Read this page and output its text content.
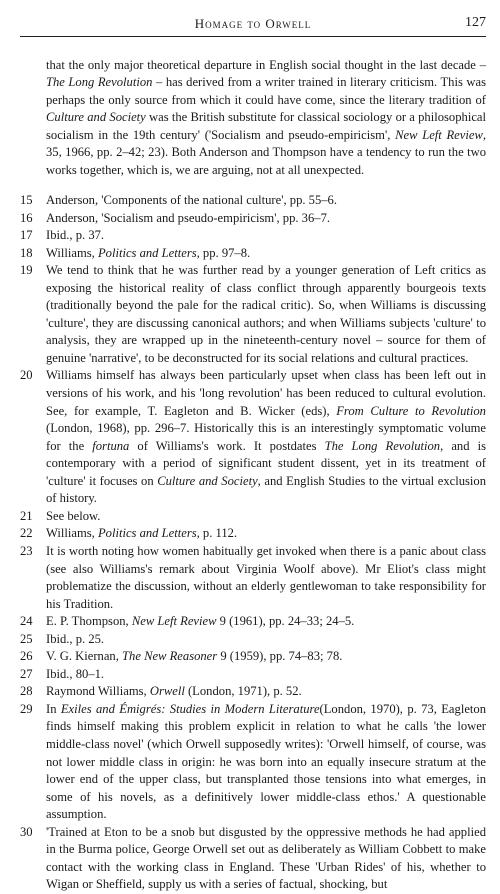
Homage to Orwell	127

that the only major theoretical departure in English social thought in the last decade – The Long Revolution – has derived from a writer trained in literary criticism. This was perhaps the only source from which it could have come, since the literary tradition of Culture and Society was the British substitute for classical sociology or a philosophical socialism in the 19th century' ('Socialism and pseudo-empiricism', New Left Review, 35, 1966, pp. 2–42; 23). Both Anderson and Thompson have a tendency to run the two works together, which is, we are arguing, not at all unexpected.

15	Anderson, 'Components of the national culture', pp. 55–6.

16	Anderson, 'Socialism and pseudo-empiricism', pp. 36–7.

17	Ibid., p. 37.

18	Williams, Politics and Letters, pp. 97–8.

19	We tend to think that he was further read by a younger generation of Left critics as exposing the historical reality of class conflict through apparently bourgeois texts (traditionally beyond the pale for the radical critic). So, when Williams is discussing 'culture', they are discussing canonical authors; and when Williams subjects 'culture' to analysis, they are wrapped up in the nineteenth-century novel – source for them of genuine 'narrative', to be deconstructed for its social relations and cultural practices.

20	Williams himself has always been particularly upset when class has been left out in versions of his work, and his 'long revolution' has been reduced to cultural evolution. See, for example, T. Eagleton and B. Wicker (eds), From Culture to Revolution (London, 1968), pp. 296–7. Historically this is an interestingly symptomatic volume for the fortuna of Williams's work. It postdates The Long Revolution, and is contemporary with a period of significant student dissent, yet in its treatment of 'culture' it focuses on Culture and Society, and English Studies to the virtual exclusion of history.

21	See below.

22	Williams, Politics and Letters, p. 112.

23	It is worth noting how women habitually get invoked when there is a panic about class (see also Williams's remark about Virginia Woolf above). Mr Eliot's class might problematize the discussion, without an elderly gentlewoman to take responsibility for his Tradition.

24	E. P. Thompson, New Left Review 9 (1961), pp. 24–33; 24–5.

25	Ibid., p. 25.

26	V. G. Kiernan, The New Reasoner 9 (1959), pp. 74–83; 78.

27	Ibid., 80–1.

28	Raymond Williams, Orwell (London, 1971), p. 52.

29	In Exiles and Émigrés: Studies in Modern Literature(London, 1970), p. 73, Eagleton finds himself making this problem explicit in relation to what he calls 'the lower middle-class novel' (which Orwell supposedly writes): 'Orwell himself, of course, was not lower middle class in origin: he was born into an equally insecure stratum at the lower end of the upper class, but transplanted those tensions into what emerges, in some of his novels, as a definitively lower middle-class ethos.' A questionable assumption.

30	'Trained at Eton to be a snob but disgusted by the oppressive methods he had applied in the Burma police, George Orwell set out as deliberately as William Cobbett to make contact with the working class in England. These 'Urban Rides' of his, whether to Wigan or Sheffield, supply us with a series of factual, shocking, but
